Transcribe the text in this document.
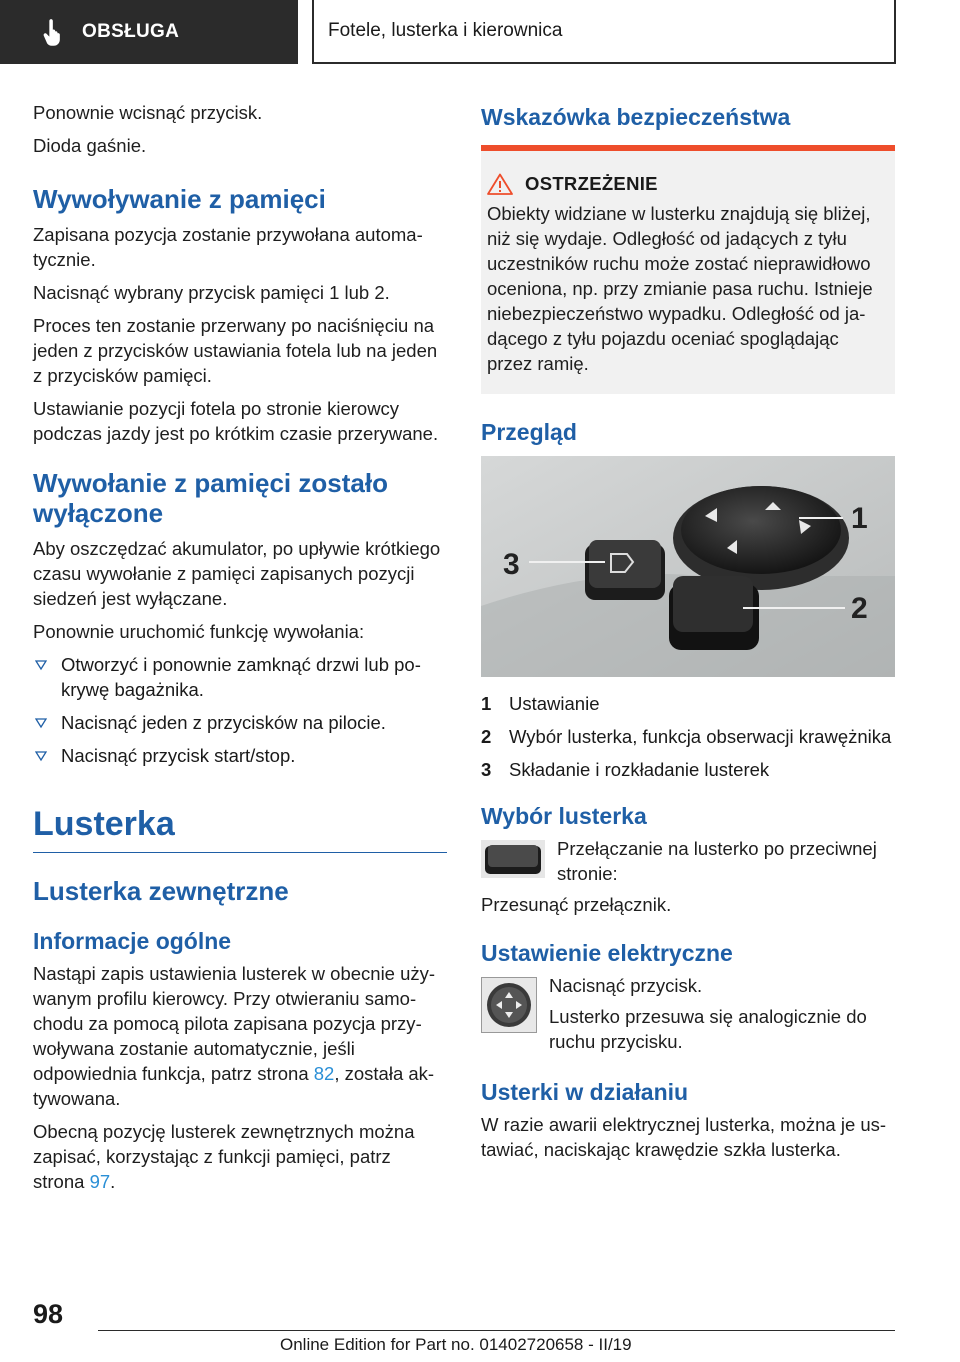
OBSŁUGA	Fotele, lusterka i kierownica

Ponownie wcisnąć przycisk.

Dioda gaśnie.

Wywoływanie z pamięci

Zapisana pozycja zostanie przywołana automatycznie.

Nacisnąć wybrany przycisk pamięci 1 lub 2.

Proces ten zostanie przerwany po naciśnięciu na jeden z przycisków ustawiania fotela lub na jeden z przycisków pamięci.

Ustawianie pozycji fotela po stronie kierowcy podczas jazdy jest po krótkim czasie przerywane.

Wywołanie z pamięci zostało wyłączone

Aby oszczędzać akumulator, po upływie krótkiego czasu wywołanie z pamięci zapisanych pozycji siedzeń jest wyłączane.

Ponownie uruchomić funkcję wywołania:

Otworzyć i ponownie zamknąć drzwi lub pokrywę bagażnika.
Nacisnąć jeden z przycisków na pilocie.
Nacisnąć przycisk start/stop.
Lusterka
Lusterka zewnętrzne
Informacje ogólne

Nastąpi zapis ustawienia lusterek w obecnie używanym profilu kierowcy. Przy otwieraniu samochodu za pomocą pilota zapisana pozycja przywoływana zostanie automatycznie, jeśli odpowiednia funkcja, patrz strona 82, została aktywowana.

Obecną pozycję lusterek zewnętrznych można zapisać, korzystając z funkcji pamięci, patrz strona 97.

Wskazówka bezpieczeństwa
OSTRZEŻENIE

Obiekty widziane w lusterku znajdują się bliżej, niż się wydaje. Odległość od jadących z tyłu uczestników ruchu może zostać nieprawidłowo oceniona, np. przy zmianie pasa ruchu. Istnieje niebezpieczeństwo wypadku. Odległość od jadącego z tyłu pojazdu oceniać spoglądając przez ramię.

Przegląd
1
2
3
1 Ustawianie
2 Wybór lusterka, funkcja obserwacji krawężnika
3 Składanie i rozkładanie lusterek
Wybór lusterka

Przełączanie na lusterko po przeciwnej stronie:

Przesunąć przełącznik.

Ustawienie elektryczne

Nacisnąć przycisk.

Lusterko przesuwa się analogicznie do ruchu przycisku.

Usterki w działaniu

W razie awarii elektrycznej lusterka, można je ustawiać, naciskając krawędzie szkła lusterka.

98
Online Edition for Part no. 01402720658 - II/19
